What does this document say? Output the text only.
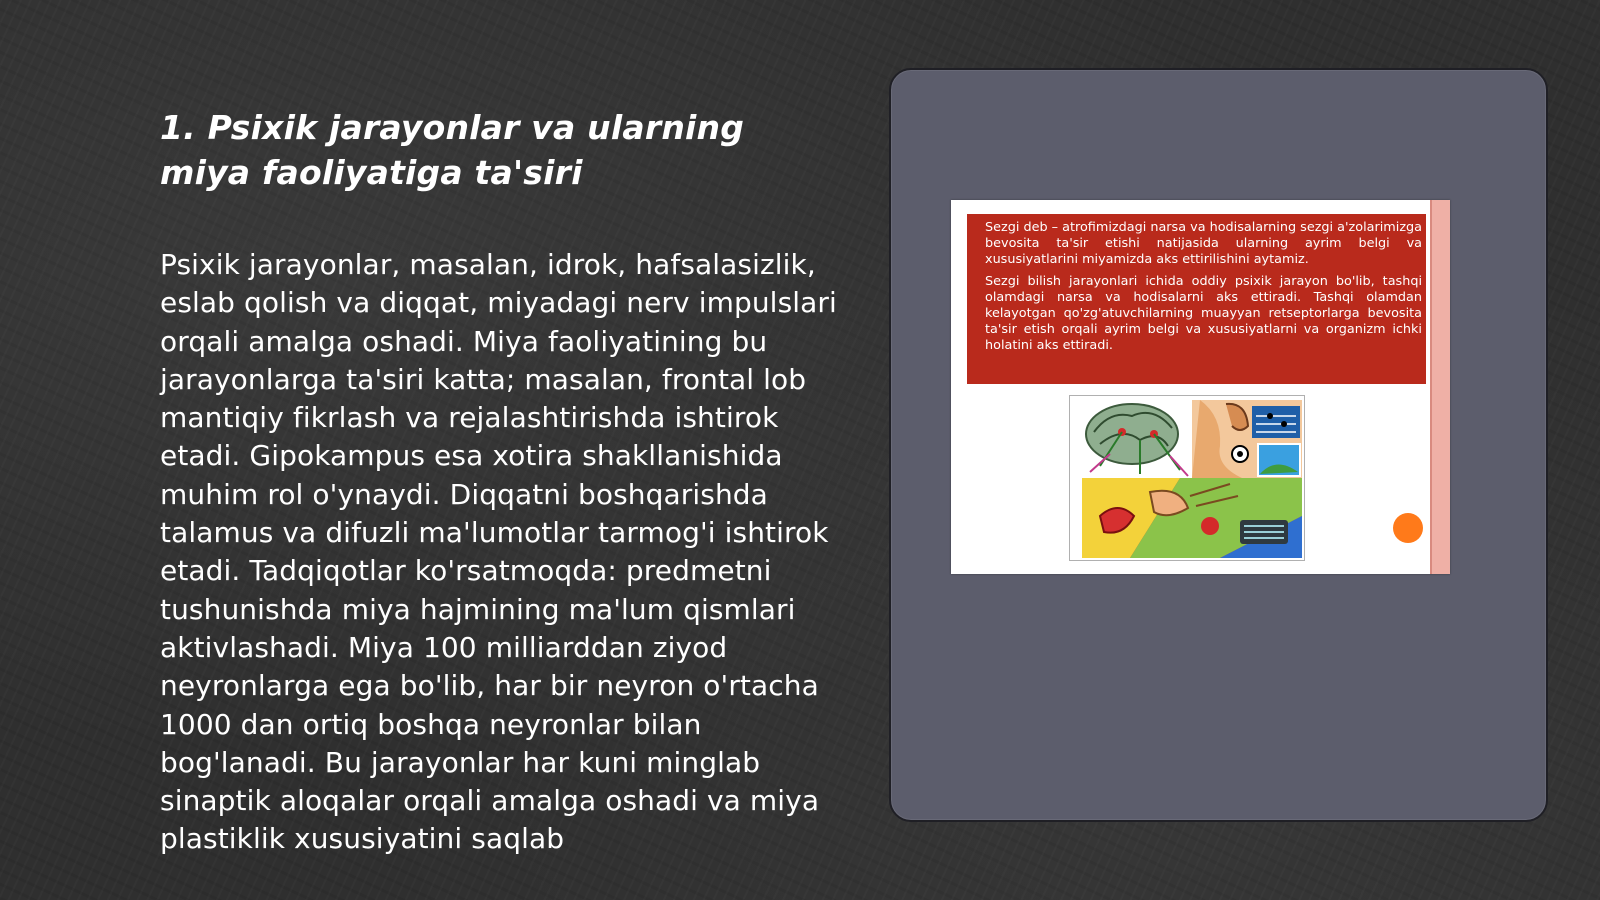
1. Psixik jarayonlar va ularning miya faoliyatiga ta'siri

Psixik jarayonlar, masalan, idrok, hafsalasizlik, eslab qolish va diqqat, miyadagi nerv impulslari orqali amalga oshadi. Miya faoliyatining bu jarayonlarga ta'siri katta; masalan, frontal lob mantiqiy fikrlash va rejalashtirishda ishtirok etadi. Gipokampus esa xotira shakllanishida muhim rol o'ynaydi. Diqqatni boshqarishda talamus va difuzli ma'lumotlar tarmog'i ishtirok etadi. Tadqiqotlar ko'rsatmoqda: predmetni tushunishda miya hajmining ma'lum qismlari aktivlashadi. Miya 100 milliarddan ziyod neyronlarga ega bo'lib, har bir neyron o'rtacha 1000 dan ortiq boshqa neyronlar bilan bog'lanadi. Bu jarayonlar har kuni minglab sinaptik aloqalar orqali amalga oshadi va miya plastiklik xususiyatini saqlab

Sezgi deb – atrofimizdagi narsa va hodisalarning sezgi a'zolarimizga bevosita ta'sir etishi natijasida ularning ayrim belgi va xususiyatlarini miyamizda aks ettirilishini aytamiz.

Sezgi bilish jarayonlari ichida oddiy psixik jarayon bo'lib, tashqi olamdagi narsa va hodisalarni aks ettiradi. Tashqi olamdan kelayotgan qo'zg'atuvchilarning muayyan retseptorlarga bevosita ta'sir etish orqali ayrim belgi va xususiyatlarni va organizm ichki holatini aks ettiradi.
